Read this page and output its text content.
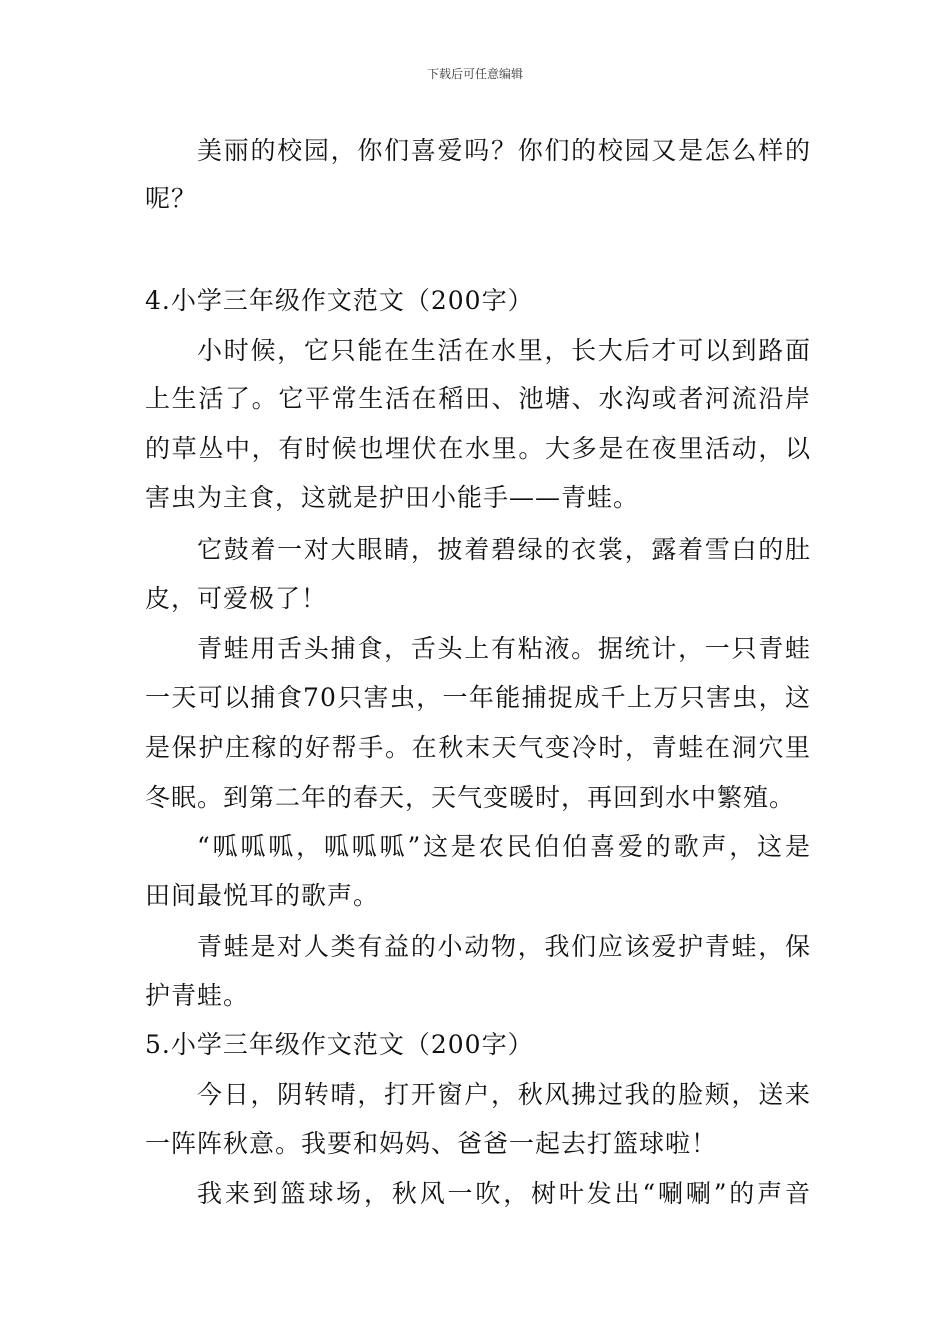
下载后可任意编辑
美丽的校园，你们喜爱吗？你们的校园又是怎么样的
呢？
4.小学三年级作文范文（200字）
小时候，它只能在生活在水里，长大后才可以到路面
上生活了。它平常生活在稻田、池塘、水沟或者河流沿岸
的草丛中，有时候也埋伏在水里。大多是在夜里活动，以
害虫为主食，这就是护田小能手——青蛙。
它鼓着一对大眼睛，披着碧绿的衣裳，露着雪白的肚
皮，可爱极了！
青蛙用舌头捕食，舌头上有粘液。据统计，一只青蛙
一天可以捕食70只害虫，一年能捕捉成千上万只害虫，这
是保护庄稼的好帮手。在秋末天气变冷时，青蛙在洞穴里
冬眠。到第二年的春天，天气变暖时，再回到水中繁殖。
“呱呱呱，呱呱呱”这是农民伯伯喜爱的歌声，这是
田间最悦耳的歌声。
青蛙是对人类有益的小动物，我们应该爱护青蛙，保
护青蛙。
5.小学三年级作文范文（200字）
今日，阴转晴，打开窗户，秋风拂过我的脸颊，送来
一阵阵秋意。我要和妈妈、爸爸一起去打篮球啦！
我来到篮球场，秋风一吹，树叶发出“唰唰”的声音
